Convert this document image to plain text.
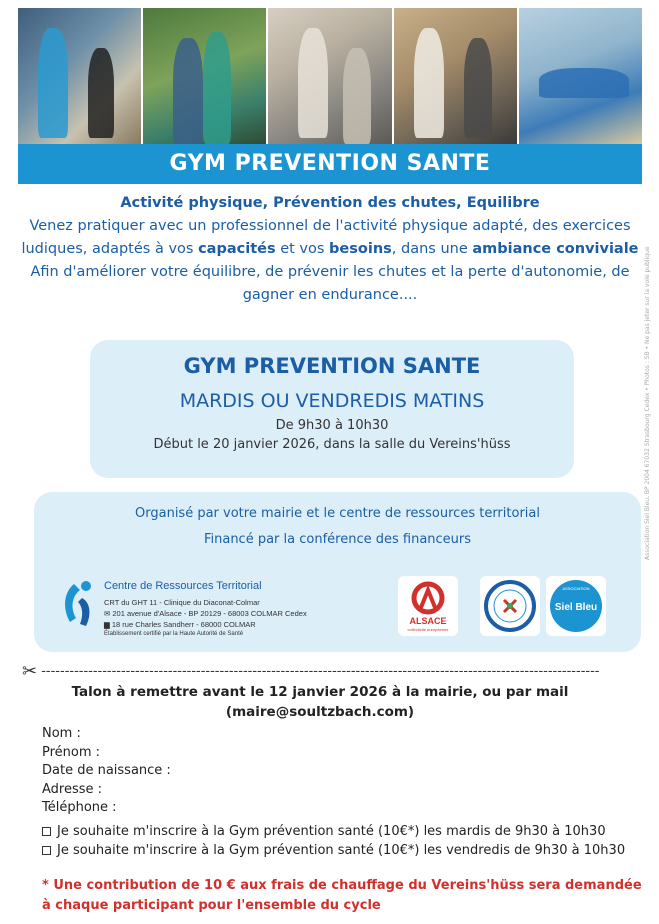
GYM PREVENTION SANTE
Activité physique, Prévention des chutes, Equilibre
Venez pratiquer avec un professionnel de l'activité physique adapté, des exercices ludiques, adaptés à vos capacités et vos besoins, dans une ambiance conviviale
Afin d'améliorer votre équilibre, de prévenir les chutes et la perte d'autonomie, de gagner en endurance....
GYM PREVENTION SANTE
MARDIS OU VENDREDIS MATINS
De 9h30 à 10h30
Début le 20 janvier 2026, dans la salle du Vereins'hüss
Organisé par votre mairie et le centre de ressources territorial
Financé par la conférence des financeurs
Centre de Ressources Territorial
CRT du GHT 11 - Clinique du Diaconat-Colmar
✉ 201 avenue d'Alsace - BP 20129 - 68003 COLMAR Cedex
▆ 18 rue Charles Sandherr - 68000 COLMAR
Établissement certifié par la Haute Autorité de Santé
ALSACE
collectivité européenne
ASSOCIATION
Siel Bleu
✂ -----------------------------------------------------------------------------------------------------------------------
Talon à remettre avant le 12 janvier 2026 à la mairie, ou par mail
(maire@soultzbach.com)
Nom :
Prénom :
Date de naissance :
Adresse :
Téléphone :
Je souhaite m'inscrire à la Gym prévention santé (10€*) les mardis de 9h30 à 10h30
Je souhaite m'inscrire à la Gym prévention santé (10€*) les vendredis de 9h30 à 10h30
* Une contribution de 10 € aux frais de chauffage du Vereins'hüss sera demandée à chaque participant pour l'ensemble du cycle
Association Siel Bleu, BP 2004 67032 Strasbourg Cedex • Photos : SB • Ne pas jeter sur la voie publique
